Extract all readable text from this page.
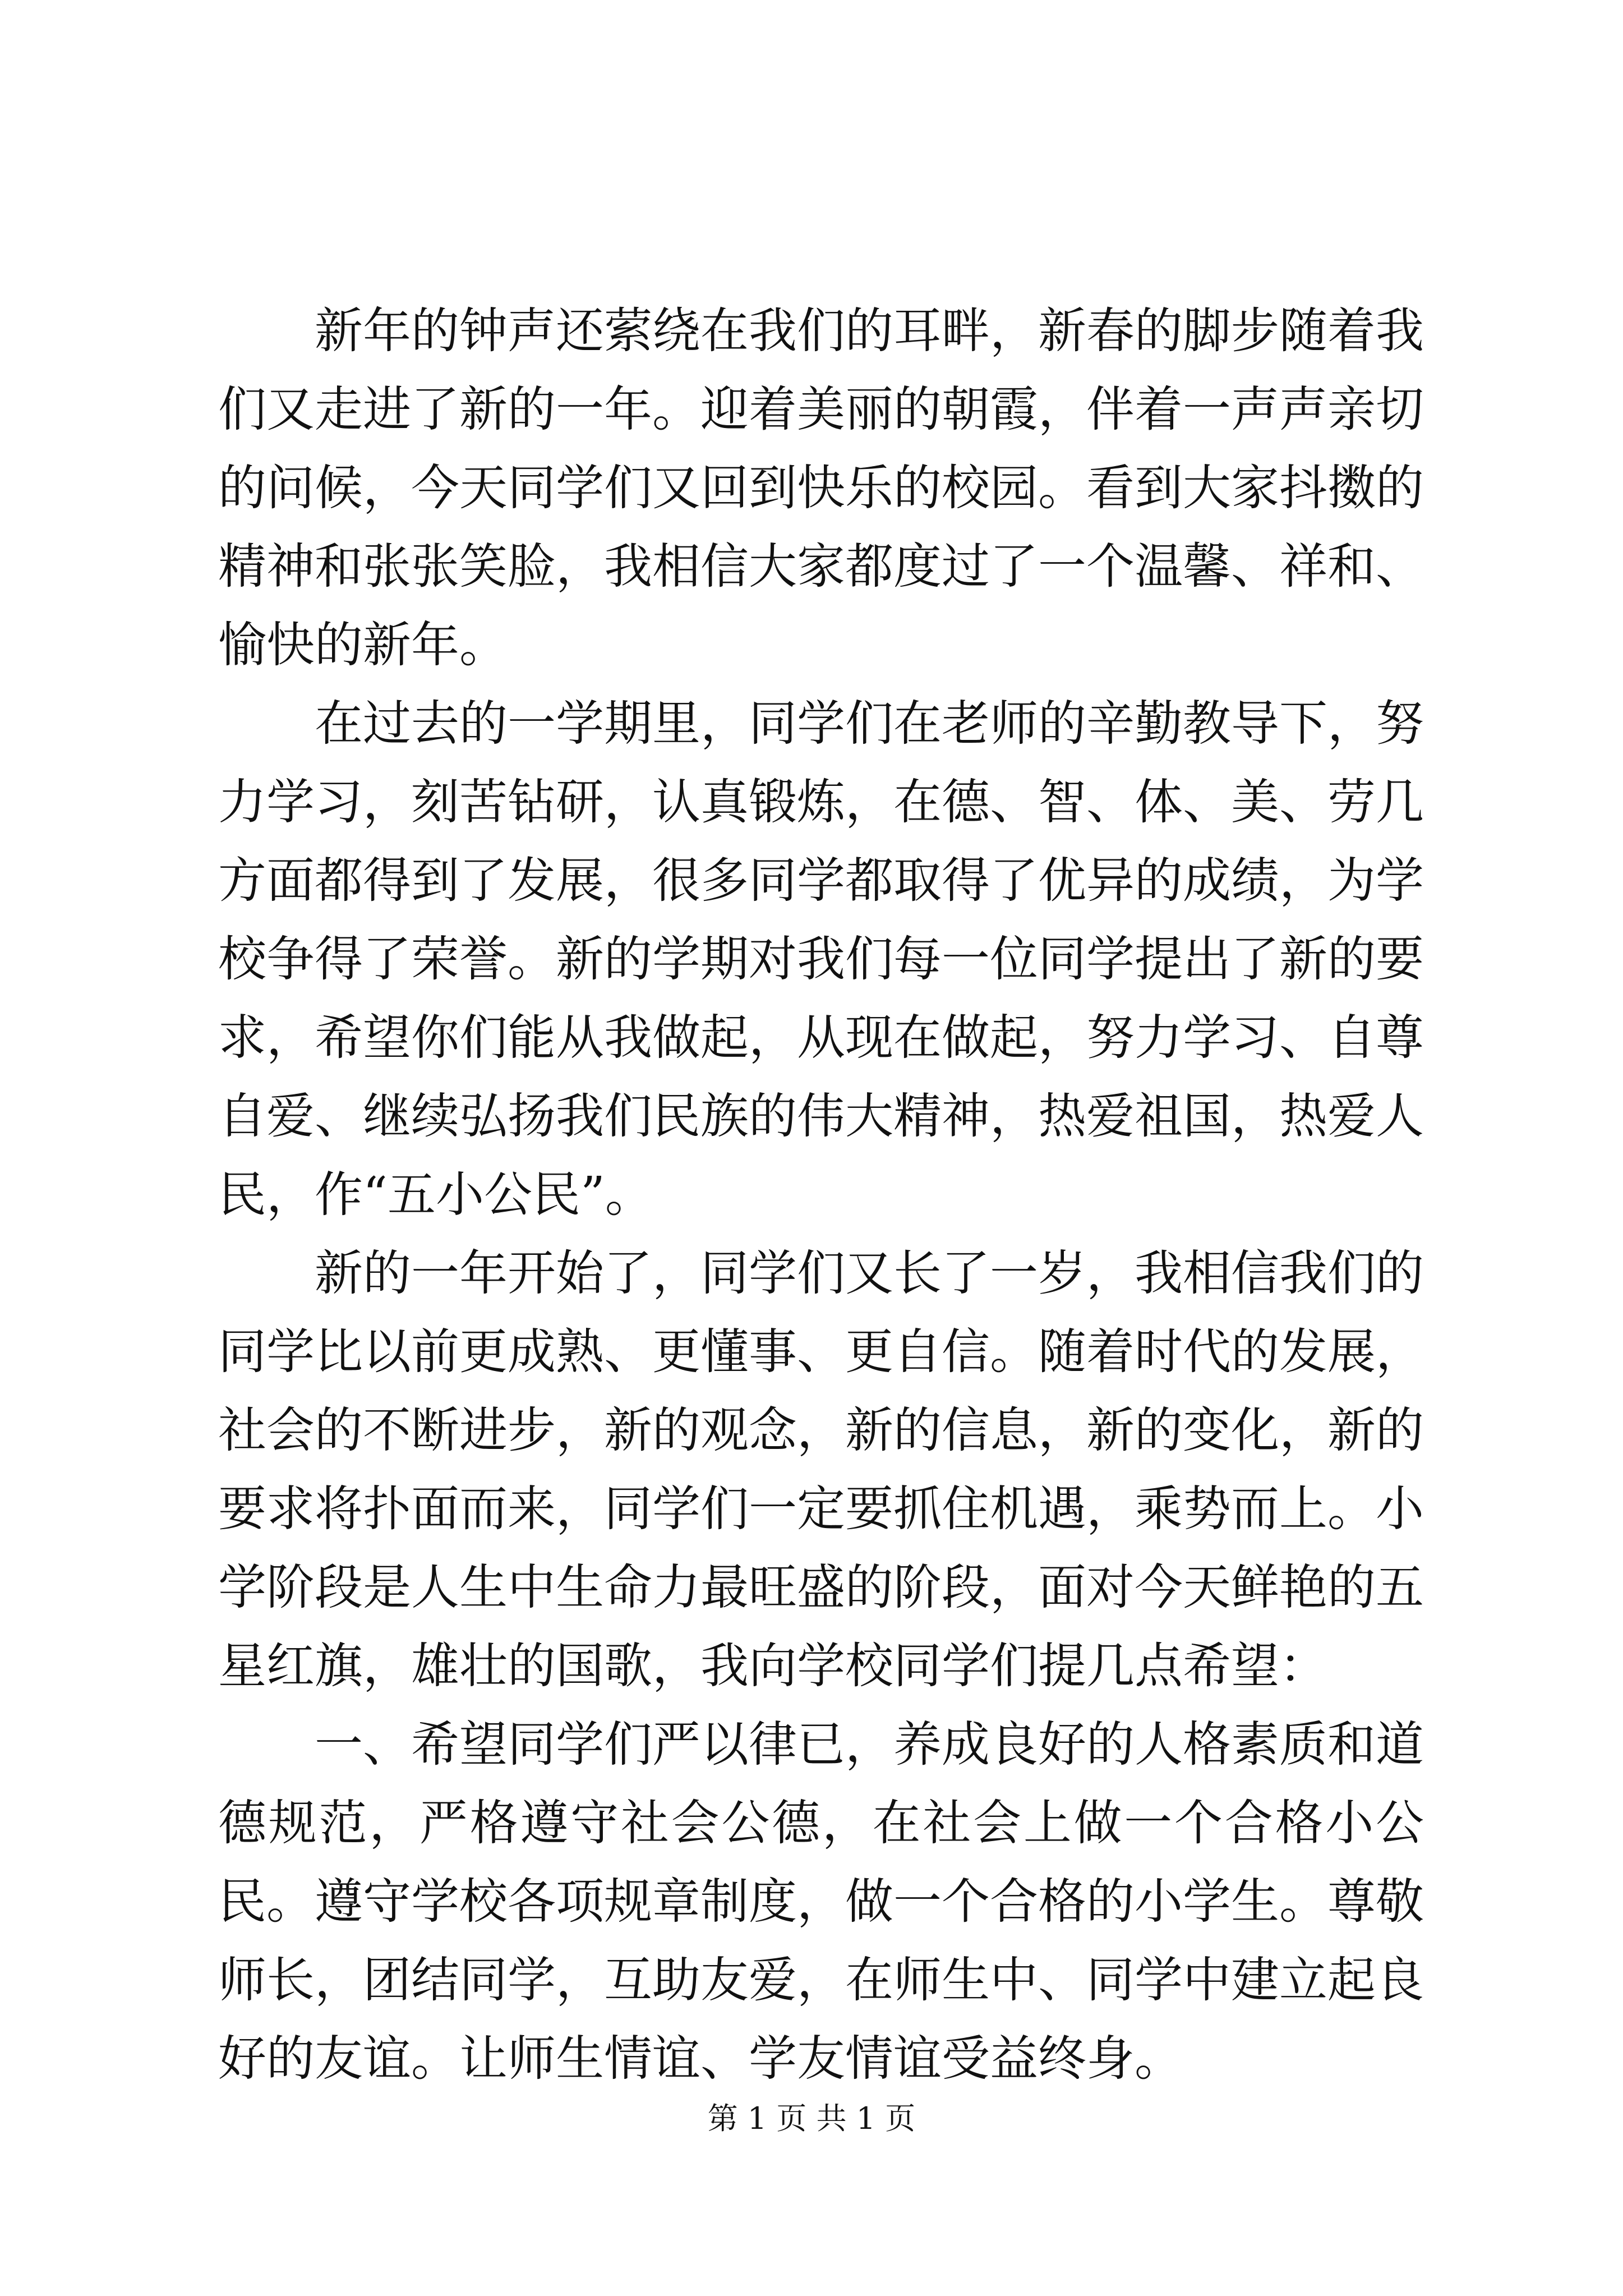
新年的钟声还萦绕在我们的耳畔，新春的脚步随着我们又走进了新的一年。迎着美丽的朝霞，伴着一声声亲切的问候，今天同学们又回到快乐的校园。看到大家抖擞的精神和张张笑脸，我相信大家都度过了一个温馨、祥和、愉快的新年。

在过去的一学期里，同学们在老师的辛勤教导下，努力学习，刻苦钻研，认真锻炼，在德、智、体、美、劳几方面都得到了发展，很多同学都取得了优异的成绩，为学校争得了荣誉。新的学期对我们每一位同学提出了新的要求，希望你们能从我做起，从现在做起，努力学习、自尊自爱、继续弘扬我们民族的伟大精神，热爱祖国，热爱人民，作“五小公民”。

新的一年开始了，同学们又长了一岁，我相信我们的同学比以前更成熟、更懂事、更自信。随着时代的发展，社会的不断进步，新的观念，新的信息，新的变化，新的要求将扑面而来，同学们一定要抓住机遇，乘势而上。小学阶段是人生中生命力最旺盛的阶段，面对今天鲜艳的五星红旗，雄壮的国歌，我向学校同学们提几点希望：

一、希望同学们严以律已，养成良好的人格素质和道德规范，严格遵守社会公德，在社会上做一个合格小公民。遵守学校各项规章制度，做一个合格的小学生。尊敬师长，团结同学，互助友爱，在师生中、同学中建立起良好的友谊。让师生情谊、学友情谊受益终身。

第 1 页 共 1 页
